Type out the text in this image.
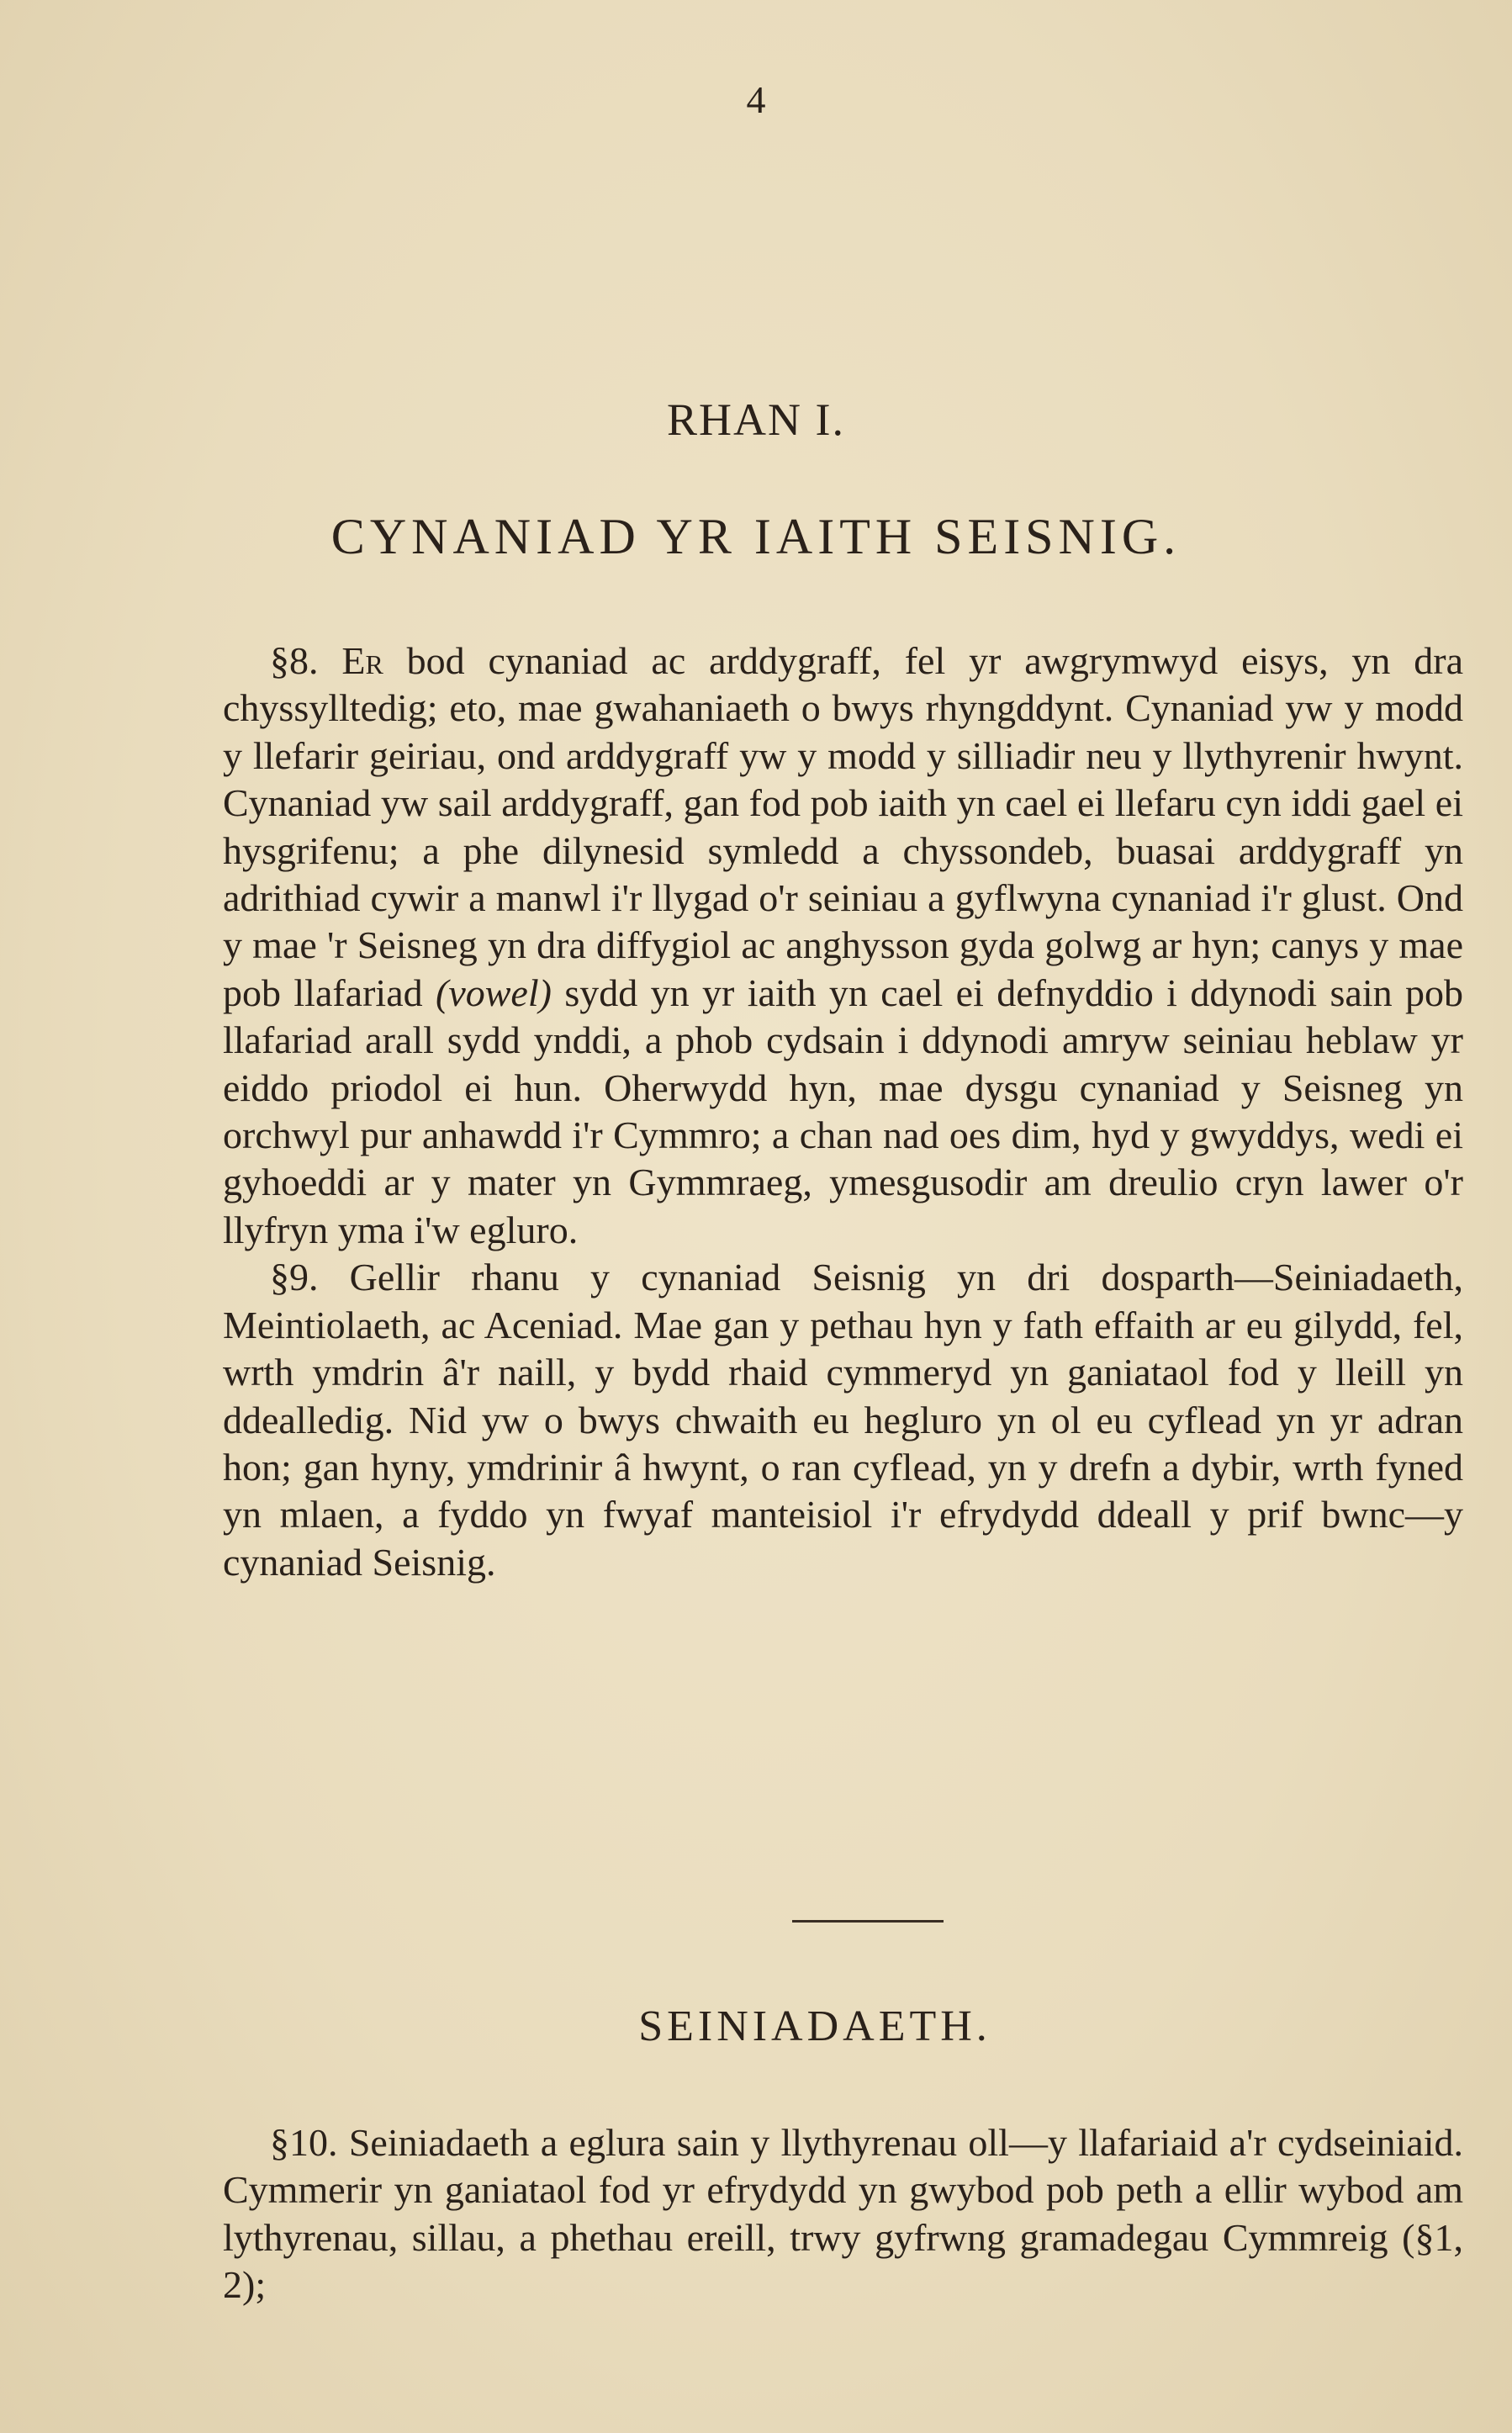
4
RHAN I.
CYNANIAD YR IAITH SEISNIG.

§8. Er bod cynaniad ac arddygraff, fel yr awgrymwyd eisys, yn dra chyssylltedig; eto, mae gwahaniaeth o bwys rhyngddynt. Cynaniad yw y modd y llefarir geiriau, ond arddygraff yw y modd y silliadir neu y llythyrenir hwynt. Cynaniad yw sail arddygraff, gan fod pob iaith yn cael ei llefaru cyn iddi gael ei hysgrifenu; a phe dilynesid symledd a chyssondeb, buasai arddygraff yn adrithiad cywir a manwl i'r llygad o'r seiniau a gyflwyna cynaniad i'r glust. Ond y mae 'r Seisneg yn dra diffygiol ac anghysson gyda golwg ar hyn; canys y mae pob llafariad (vowel) sydd yn yr iaith yn cael ei defnyddio i ddynodi sain pob llafariad arall sydd ynddi, a phob cydsain i ddynodi amryw seiniau heblaw yr eiddo priodol ei hun. Oherwydd hyn, mae dysgu cynaniad y Seisneg yn orchwyl pur anhawdd i'r Cymmro; a chan nad oes dim, hyd y gwyddys, wedi ei gyhoeddi ar y mater yn Gymmraeg, ymesgusodir am dreulio cryn lawer o'r llyfryn yma i'w egluro.

§9. Gellir rhanu y cynaniad Seisnig yn dri dosparth—Seiniadaeth, Meintiolaeth, ac Aceniad. Mae gan y pethau hyn y fath effaith ar eu gilydd, fel, wrth ymdrin â'r naill, y bydd rhaid cymmeryd yn ganiataol fod y lleill yn ddealledig. Nid yw o bwys chwaith eu hegluro yn ol eu cyflead yn yr adran hon; gan hyny, ymdrinir â hwynt, o ran cyflead, yn y drefn a dybir, wrth fyned yn mlaen, a fyddo yn fwyaf manteisiol i'r efrydydd ddeall y prif bwnc—y cynaniad Seisnig.

SEINIADAETH.

§10. Seiniadaeth a eglura sain y llythyrenau oll—y llafariaid a'r cydseiniaid. Cymmerir yn ganiataol fod yr efrydydd yn gwybod pob peth a ellir wybod am lythyrenau, sillau, a phethau ereill, trwy gyfrwng gramadegau Cymmreig (§1, 2);
